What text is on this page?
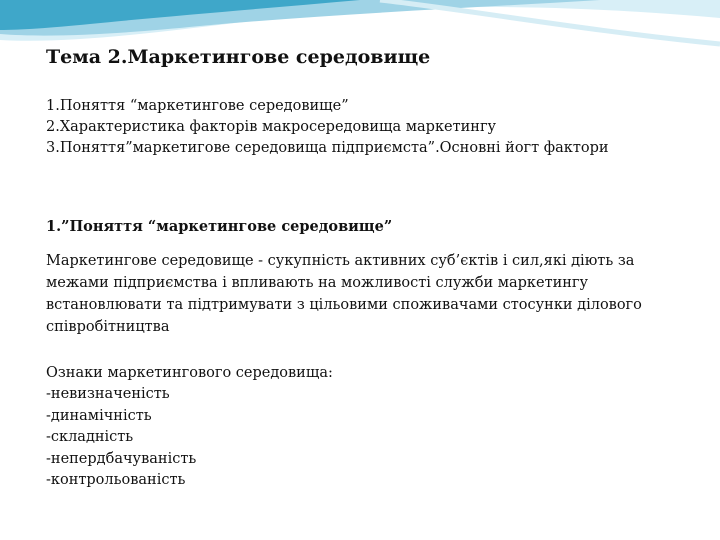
Тема 2.Маркетингове середовище
1.Поняття “маркетингове середовище”
2.Характеристика факторів макросередовища маркетингу
3.Поняття”маркетигове середовища підприємста”.Основні йогт фактори
1.”Поняття “маркетингове середовище”
Маркетингове середовище - сукупність активних суб’єктів і сил,які діють за межами підприємства і впливають на можливості служби маркетингу встановлювати та підтримувати з цільовими споживачами стосунки ділового співробітництва
Ознаки маркетингового середовища:
-невизначеність
-динамічність
-складність
-непердбачуваність
-контрольованість
